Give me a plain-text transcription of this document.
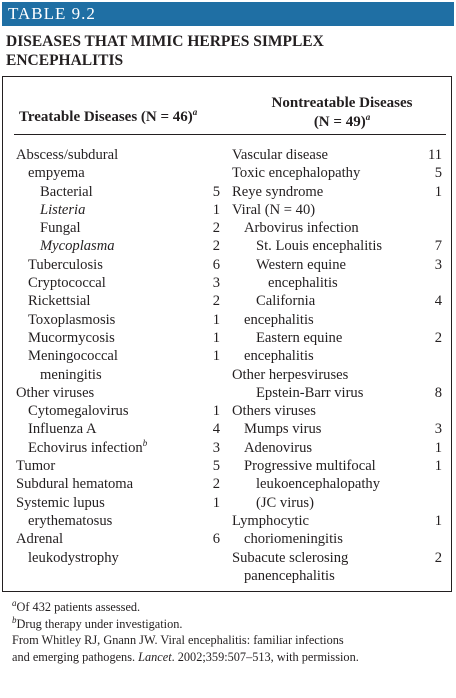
TABLE 9.2
DISEASES THAT MIMIC HERPES SIMPLEX
ENCEPHALITIS
Treatable Diseases (N = 46)$^a$
Nontreatable Diseases
(N = 49)$^a$
Abscess/subdural
empyema
Bacterial	5
Listeria	1
Fungal	2
Mycoplasma	2
Tuberculosis	6
Cryptococcal	3
Rickettsial	2
Toxoplasmosis	1
Mucormycosis	1
Meningococcal	1
meningitis
Other viruses
Cytomegalovirus	1
Influenza A	4
Echovirus infection$^b$	3
Tumor	5
Subdural hematoma	2
Systemic lupus	1
erythematosus
Adrenal	6
leukodystrophy
Vascular disease	11
Toxic encephalopathy	5
Reye syndrome	1
Viral (N = 40)
Arbovirus infection
St. Louis encephalitis	7
Western equine	3
encephalitis
California	4
encephalitis
Eastern equine	2
encephalitis
Other herpesviruses
Epstein-Barr virus	8
Others viruses
Mumps virus	3
Adenovirus	1
Progressive multifocal	1
leukoencephalopathy
(JC virus)
Lymphocytic	1
choriomeningitis
Subacute sclerosing	2
panencephalitis
$^a$Of 432 patients assessed.
$^b$Drug therapy under investigation.
From Whitley RJ, Gnann JW. Viral encephalitis: familiar infections
and emerging pathogens. Lancet. 2002;359:507–513, with permission.
